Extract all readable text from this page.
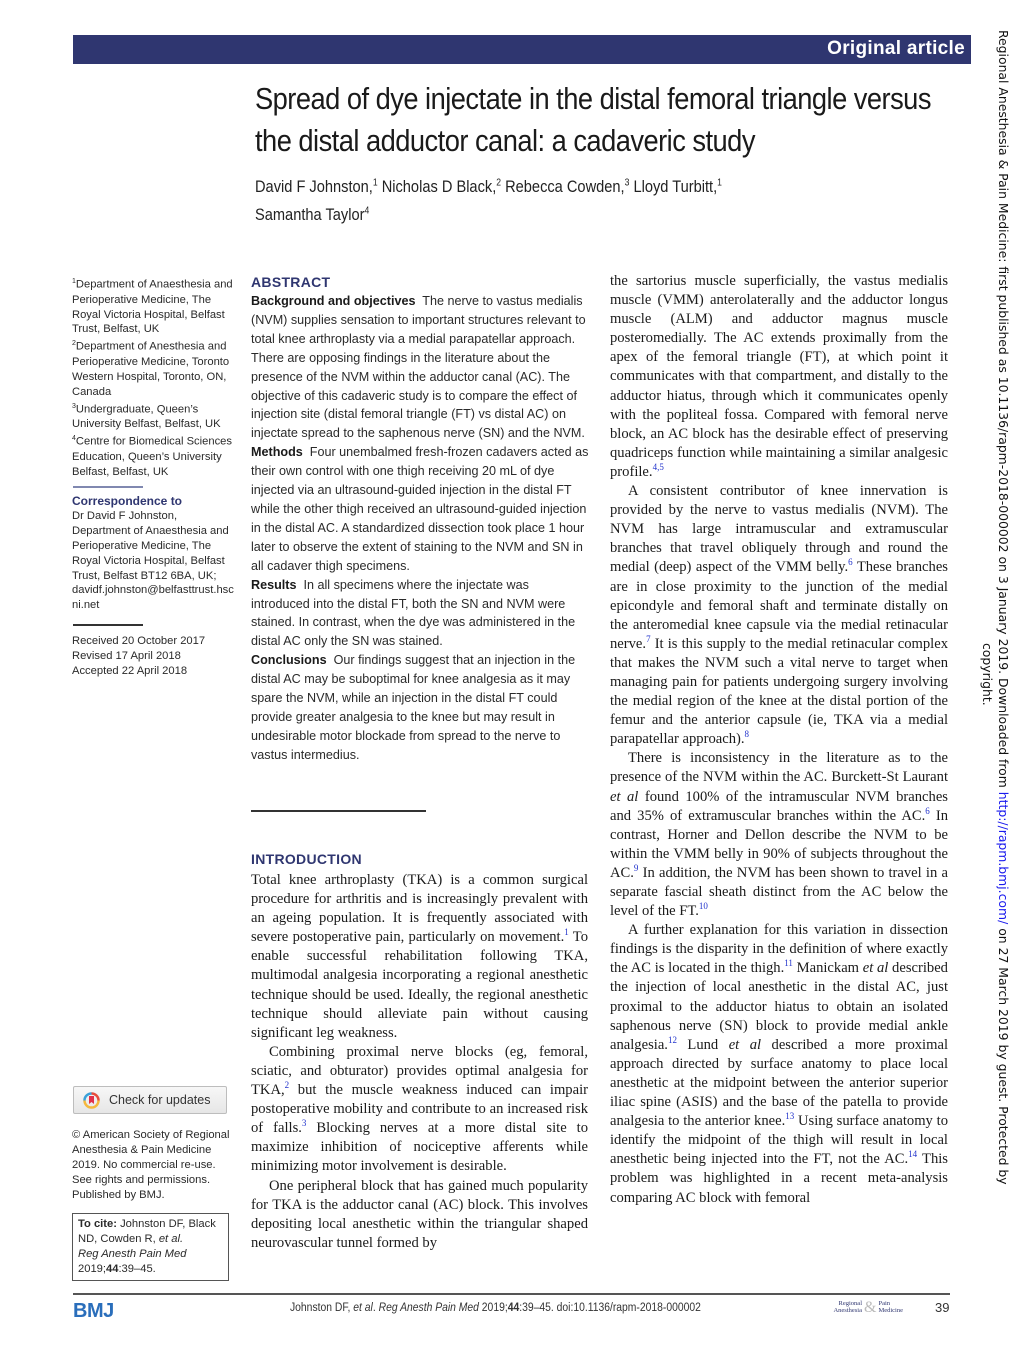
Original article
Spread of dye injectate in the distal femoral triangle versus the distal adductor canal: a cadaveric study
David F Johnston,$^1$ Nicholas D Black,$^2$ Rebecca Cowden,$^3$ Lloyd Turbitt,$^1$
Samantha Taylor$^4$
$^1$Department of Anaesthesia and Perioperative Medicine, The Royal Victoria Hospital, Belfast Trust, Belfast, UK
$^2$Department of Anesthesia and Perioperative Medicine, Toronto Western Hospital, Toronto, ON, Canada
$^3$Undergraduate, Queen’s University Belfast, Belfast, UK
$^4$Centre for Biomedical Sciences Education, Queen’s University Belfast, Belfast, UK
Correspondence to
Dr David F Johnston, Department of Anaesthesia and Perioperative Medicine, The Royal Victoria Hospital, Belfast Trust, Belfast BT12 6BA, UK; davidf.johnston@belfasttrust.hscni.net
Received 20 October 2017
Revised 17 April 2018
Accepted 22 April 2018
Check for updates
© American Society of Regional Anesthesia & Pain Medicine 2019. No commercial re-use. See rights and permissions. Published by BMJ.
To cite: Johnston DF, Black ND, Cowden R, et al.
Reg Anesth Pain Med
2019;44:39–45.
ABSTRACT
Background and objectives The nerve to vastus medialis (NVM) supplies sensation to important structures relevant to total knee arthroplasty via a medial parapatellar approach. There are opposing findings in the literature about the presence of the NVM within the adductor canal (AC). The objective of this cadaveric study is to compare the effect of injection site (distal femoral triangle (FT) vs distal AC) on injectate spread to the saphenous nerve (SN) and the NVM.
Methods Four unembalmed fresh-frozen cadavers acted as their own control with one thigh receiving 20 mL of dye injected via an ultrasound-guided injection in the distal FT while the other thigh received an ultrasound-guided injection in the distal AC. A standardized dissection took place 1 hour later to observe the extent of staining to the NVM and SN in all cadaver thigh specimens.
Results In all specimens where the injectate was introduced into the distal FT, both the SN and NVM were stained. In contrast, when the dye was administered in the distal AC only the SN was stained.
Conclusions Our findings suggest that an injection in the distal AC may be suboptimal for knee analgesia as it may spare the NVM, while an injection in the distal FT could provide greater analgesia to the knee but may result in undesirable motor blockade from spread to the nerve to vastus intermedius.
INTRODUCTION

Total knee arthroplasty (TKA) is a common surgical procedure for arthritis and is increasingly prevalent with an ageing population. It is frequently associated with severe postoperative pain, particularly on movement.$^1$ To enable successful rehabilitation following TKA, multimodal analgesia incorporating a regional anesthetic technique should be used. Ideally, the regional anesthetic technique should alleviate pain without causing significant leg weakness.

Combining proximal nerve blocks (eg, femoral, sciatic, and obturator) provides optimal analgesia for TKA,$^2$ but the muscle weakness induced can impair postoperative mobility and contribute to an increased risk of falls.$^3$ Blocking nerves at a more distal site to maximize inhibition of nociceptive afferents while minimizing motor involvement is desirable.

One peripheral block that has gained much popularity for TKA is the adductor canal (AC) block. This involves depositing local anesthetic within the triangular shaped neurovascular tunnel formed by

the sartorius muscle superficially, the vastus medialis muscle (VMM) anterolaterally and the adductor longus muscle (ALM) and adductor magnus muscle posteromedially. The AC extends proximally from the apex of the femoral triangle (FT), at which point it communicates with that compartment, and distally to the adductor hiatus, through which it communicates openly with the popliteal fossa. Compared with femoral nerve block, an AC block has the desirable effect of preserving quadriceps function while maintaining a similar analgesic profile.$^{4,5}$

A consistent contributor of knee innervation is provided by the nerve to vastus medialis (NVM). The NVM has large intramuscular and extramuscular branches that travel obliquely through and round the medial (deep) aspect of the VMM belly.$^6$ These branches are in close proximity to the junction of the medial epicondyle and femoral shaft and terminate distally on the anteromedial knee capsule via the medial retinacular nerve.$^7$ It is this supply to the medial retinacular complex that makes the NVM such a vital nerve to target when managing pain for patients undergoing surgery involving the medial region of the knee at the distal portion of the femur and the anterior capsule (ie, TKA via a medial parapatellar approach).$^8$

There is inconsistency in the literature as to the presence of the NVM within the AC. Burckett-St Laurant et al found 100% of the intramuscular NVM branches and 35% of extramuscular branches within the AC.$^6$ In contrast, Horner and Dellon describe the NVM to be within the VMM belly in 90% of subjects throughout the AC.$^9$ In addition, the NVM has been shown to travel in a separate fascial sheath distinct from the AC below the level of the FT.$^{10}$

A further explanation for this variation in dissection findings is the disparity in the definition of where exactly the AC is located in the thigh.$^{11}$ Manickam et al described the injection of local anesthetic in the distal AC, just proximal to the adductor hiatus to obtain an isolated saphenous nerve (SN) block to provide medial ankle analgesia.$^{12}$ Lund et al described a more proximal approach directed by surface anatomy to place local anesthetic at the midpoint between the anterior superior iliac spine (ASIS) and the base of the patella to provide analgesia to the anterior knee.$^{13}$ Using surface anatomy to identify the midpoint of the thigh will result in local anesthetic being injected into the FT, not the AC.$^{14}$ This problem was highlighted in a recent meta-analysis comparing AC block with femoral

BMJ	Johnston DF, et al. Reg Anesth Pain Med 2019;44:39–45. doi:10.1136/rapm-2018-000002	Regional Anesthesia & Pain Medicine	39
Regional Anesthesia & Pain Medicine: first published as 10.1136/rapm-2018-000002 on 3 January 2019. Downloaded from http://rapm.bmj.com/ on 27 March 2019 by guest. Protected by
copyright.
